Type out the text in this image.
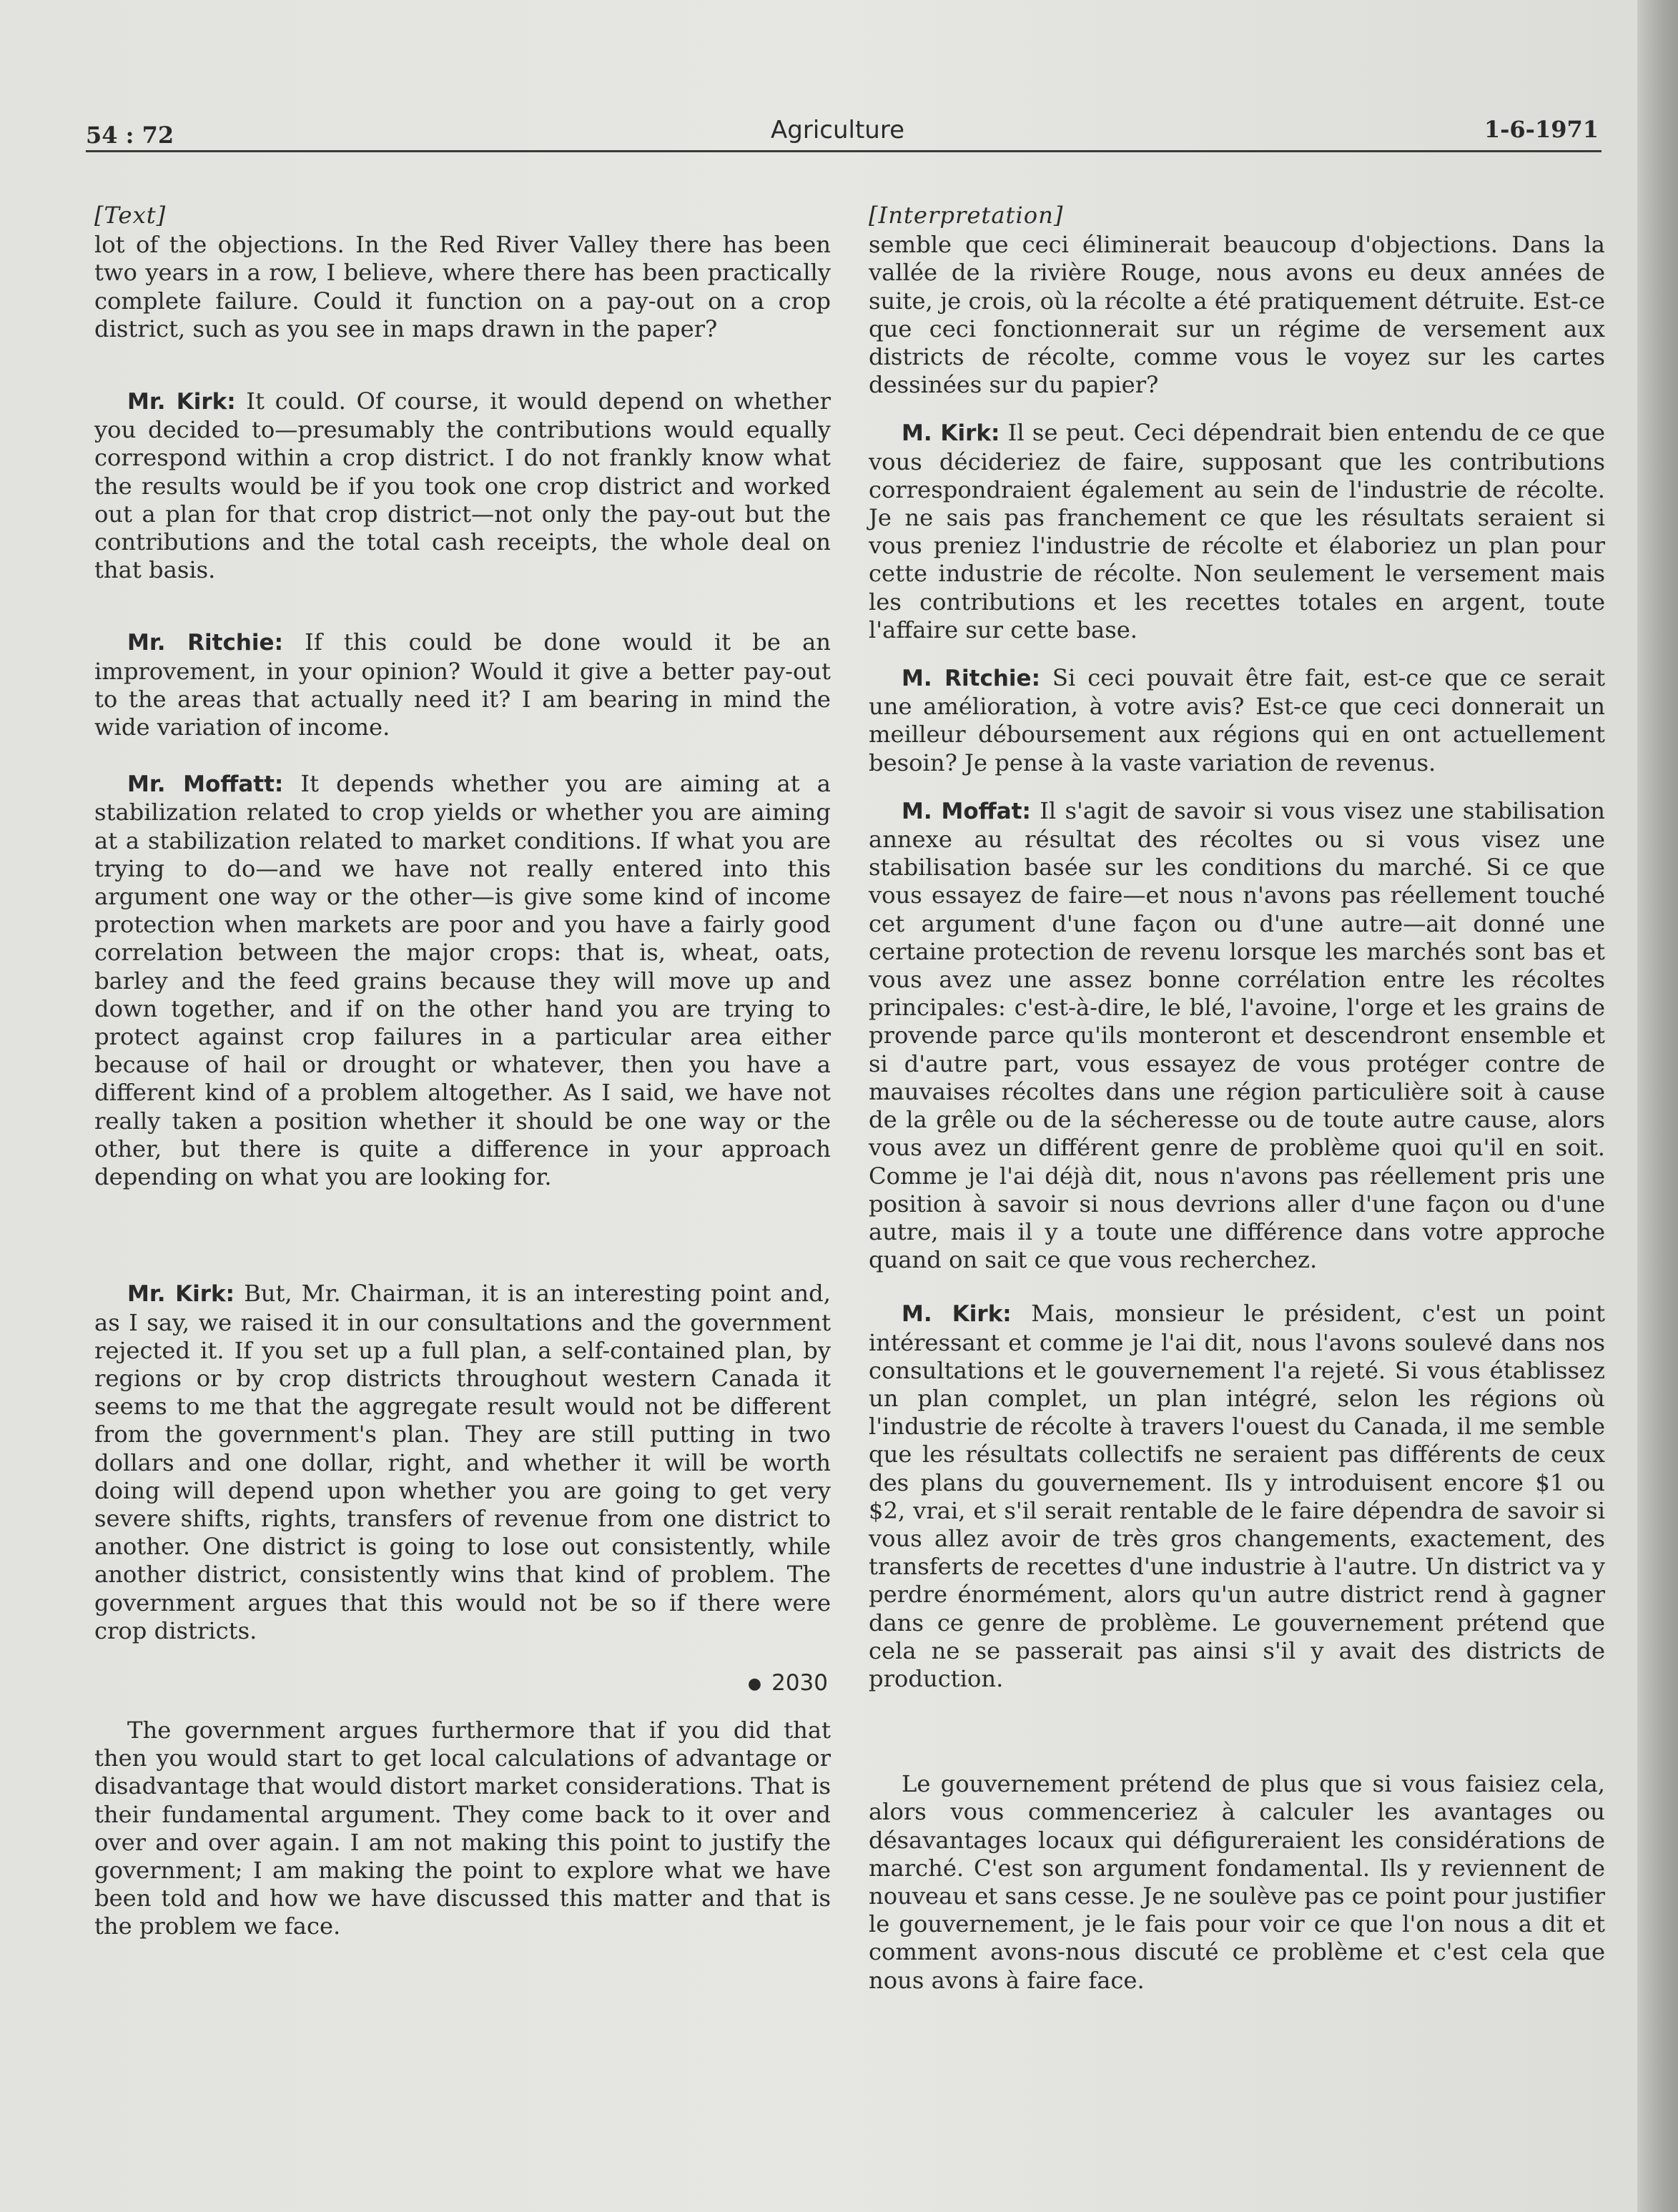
54 : 72	Agriculture	1-6-1971
[Text]

lot of the objections. In the Red River Valley there has been two years in a row, I believe, where there has been practically complete failure. Could it function on a pay-out on a crop district, such as you see in maps drawn in the paper?

Mr. Kirk: It could. Of course, it would depend on whether you decided to—presumably the contributions would equally correspond within a crop district. I do not frankly know what the results would be if you took one crop district and worked out a plan for that crop district—not only the pay-out but the contributions and the total cash receipts, the whole deal on that basis.

Mr. Ritchie: If this could be done would it be an improvement, in your opinion? Would it give a better pay-out to the areas that actually need it? I am bearing in mind the wide variation of income.

Mr. Moffatt: It depends whether you are aiming at a stabilization related to crop yields or whether you are aiming at a stabilization related to market conditions. If what you are trying to do—and we have not really entered into this argument one way or the other—is give some kind of income protection when markets are poor and you have a fairly good correlation between the major crops: that is, wheat, oats, barley and the feed grains because they will move up and down together, and if on the other hand you are trying to protect against crop failures in a particular area either because of hail or drought or whatever, then you have a different kind of a problem altogether. As I said, we have not really taken a position whether it should be one way or the other, but there is quite a difference in your approach depending on what you are looking for.

Mr. Kirk: But, Mr. Chairman, it is an interesting point and, as I say, we raised it in our consultations and the government rejected it. If you set up a full plan, a self-contained plan, by regions or by crop districts throughout western Canada it seems to me that the aggregate result would not be different from the government's plan. They are still putting in two dollars and one dollar, right, and whether it will be worth doing will depend upon whether you are going to get very severe shifts, rights, transfers of revenue from one district to another. One district is going to lose out consistently, while another district, consistently wins that kind of problem. The government argues that this would not be so if there were crop districts.

● 2030

The government argues furthermore that if you did that then you would start to get local calculations of advantage or disadvantage that would distort market considerations. That is their fundamental argument. They come back to it over and over and over again. I am not making this point to justify the government; I am making the point to explore what we have been told and how we have discussed this matter and that is the problem we face.

[Interpretation]

semble que ceci éliminerait beaucoup d'objections. Dans la vallée de la rivière Rouge, nous avons eu deux années de suite, je crois, où la récolte a été pratiquement détruite. Est-ce que ceci fonctionnerait sur un régime de versement aux districts de récolte, comme vous le voyez sur les cartes dessinées sur du papier?

M. Kirk: Il se peut. Ceci dépendrait bien entendu de ce que vous décideriez de faire, supposant que les contributions correspondraient également au sein de l'industrie de récolte. Je ne sais pas franchement ce que les résultats seraient si vous preniez l'industrie de récolte et élaboriez un plan pour cette industrie de récolte. Non seulement le versement mais les contributions et les recettes totales en argent, toute l'affaire sur cette base.

M. Ritchie: Si ceci pouvait être fait, est-ce que ce serait une amélioration, à votre avis? Est-ce que ceci donnerait un meilleur déboursement aux régions qui en ont actuellement besoin? Je pense à la vaste variation de revenus.

M. Moffat: Il s'agit de savoir si vous visez une stabilisation annexe au résultat des récoltes ou si vous visez une stabilisation basée sur les conditions du marché. Si ce que vous essayez de faire—et nous n'avons pas réellement touché cet argument d'une façon ou d'une autre—ait donné une certaine protection de revenu lorsque les marchés sont bas et vous avez une assez bonne corrélation entre les récoltes principales: c'est-à-dire, le blé, l'avoine, l'orge et les grains de provende parce qu'ils monteront et descendront ensemble et si d'autre part, vous essayez de vous protéger contre de mauvaises récoltes dans une région particulière soit à cause de la grêle ou de la sécheresse ou de toute autre cause, alors vous avez un différent genre de problème quoi qu'il en soit. Comme je l'ai déjà dit, nous n'avons pas réellement pris une position à savoir si nous devrions aller d'une façon ou d'une autre, mais il y a toute une différence dans votre approche quand on sait ce que vous recherchez.

M. Kirk: Mais, monsieur le président, c'est un point intéressant et comme je l'ai dit, nous l'avons soulevé dans nos consultations et le gouvernement l'a rejeté. Si vous établissez un plan complet, un plan intégré, selon les régions où l'industrie de récolte à travers l'ouest du Canada, il me semble que les résultats collectifs ne seraient pas différents de ceux des plans du gouvernement. Ils y introduisent encore $1 ou $2, vrai, et s'il serait rentable de le faire dépendra de savoir si vous allez avoir de très gros changements, exactement, des transferts de recettes d'une industrie à l'autre. Un district va y perdre énormément, alors qu'un autre district rend à gagner dans ce genre de problème. Le gouvernement prétend que cela ne se passerait pas ainsi s'il y avait des districts de production.

Le gouvernement prétend de plus que si vous faisiez cela, alors vous commenceriez à calculer les avantages ou désavantages locaux qui défigureraient les considérations de marché. C'est son argument fondamental. Ils y reviennent de nouveau et sans cesse. Je ne soulève pas ce point pour justifier le gouvernement, je le fais pour voir ce que l'on nous a dit et comment avons-nous discuté ce problème et c'est cela que nous avons à faire face.
